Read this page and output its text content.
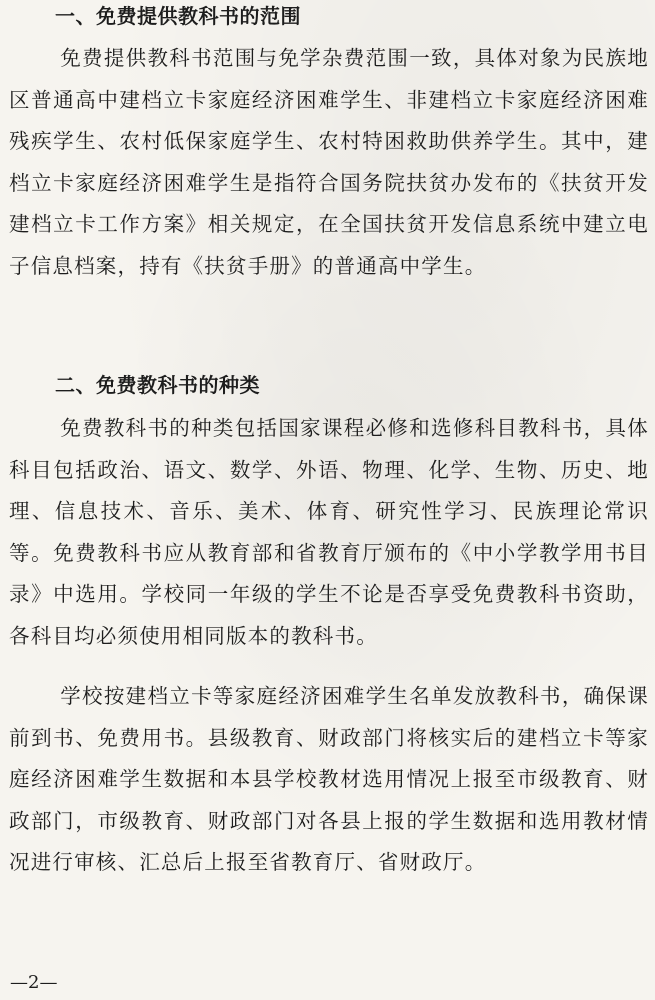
一、免费提供教科书的范围

免费提供教科书范围与免学杂费范围一致，具体对象为民族地区普通高中建档立卡家庭经济困难学生、非建档立卡家庭经济困难残疾学生、农村低保家庭学生、农村特困救助供养学生。其中，建档立卡家庭经济困难学生是指符合国务院扶贫办发布的《扶贫开发建档立卡工作方案》相关规定，在全国扶贫开发信息系统中建立电子信息档案，持有《扶贫手册》的普通高中学生。

二、免费教科书的种类

免费教科书的种类包括国家课程必修和选修科目教科书，具体科目包括政治、语文、数学、外语、物理、化学、生物、历史、地理、信息技术、音乐、美术、体育、研究性学习、民族理论常识等。免费教科书应从教育部和省教育厅颁布的《中小学教学用书目录》中选用。学校同一年级的学生不论是否享受免费教科书资助，各科目均必须使用相同版本的教科书。

学校按建档立卡等家庭经济困难学生名单发放教科书，确保课前到书、免费用书。县级教育、财政部门将核实后的建档立卡等家庭经济困难学生数据和本县学校教材选用情况上报至市级教育、财政部门，市级教育、财政部门对各县上报的学生数据和选用教材情况进行审核、汇总后上报至省教育厅、省财政厅。

—2—
